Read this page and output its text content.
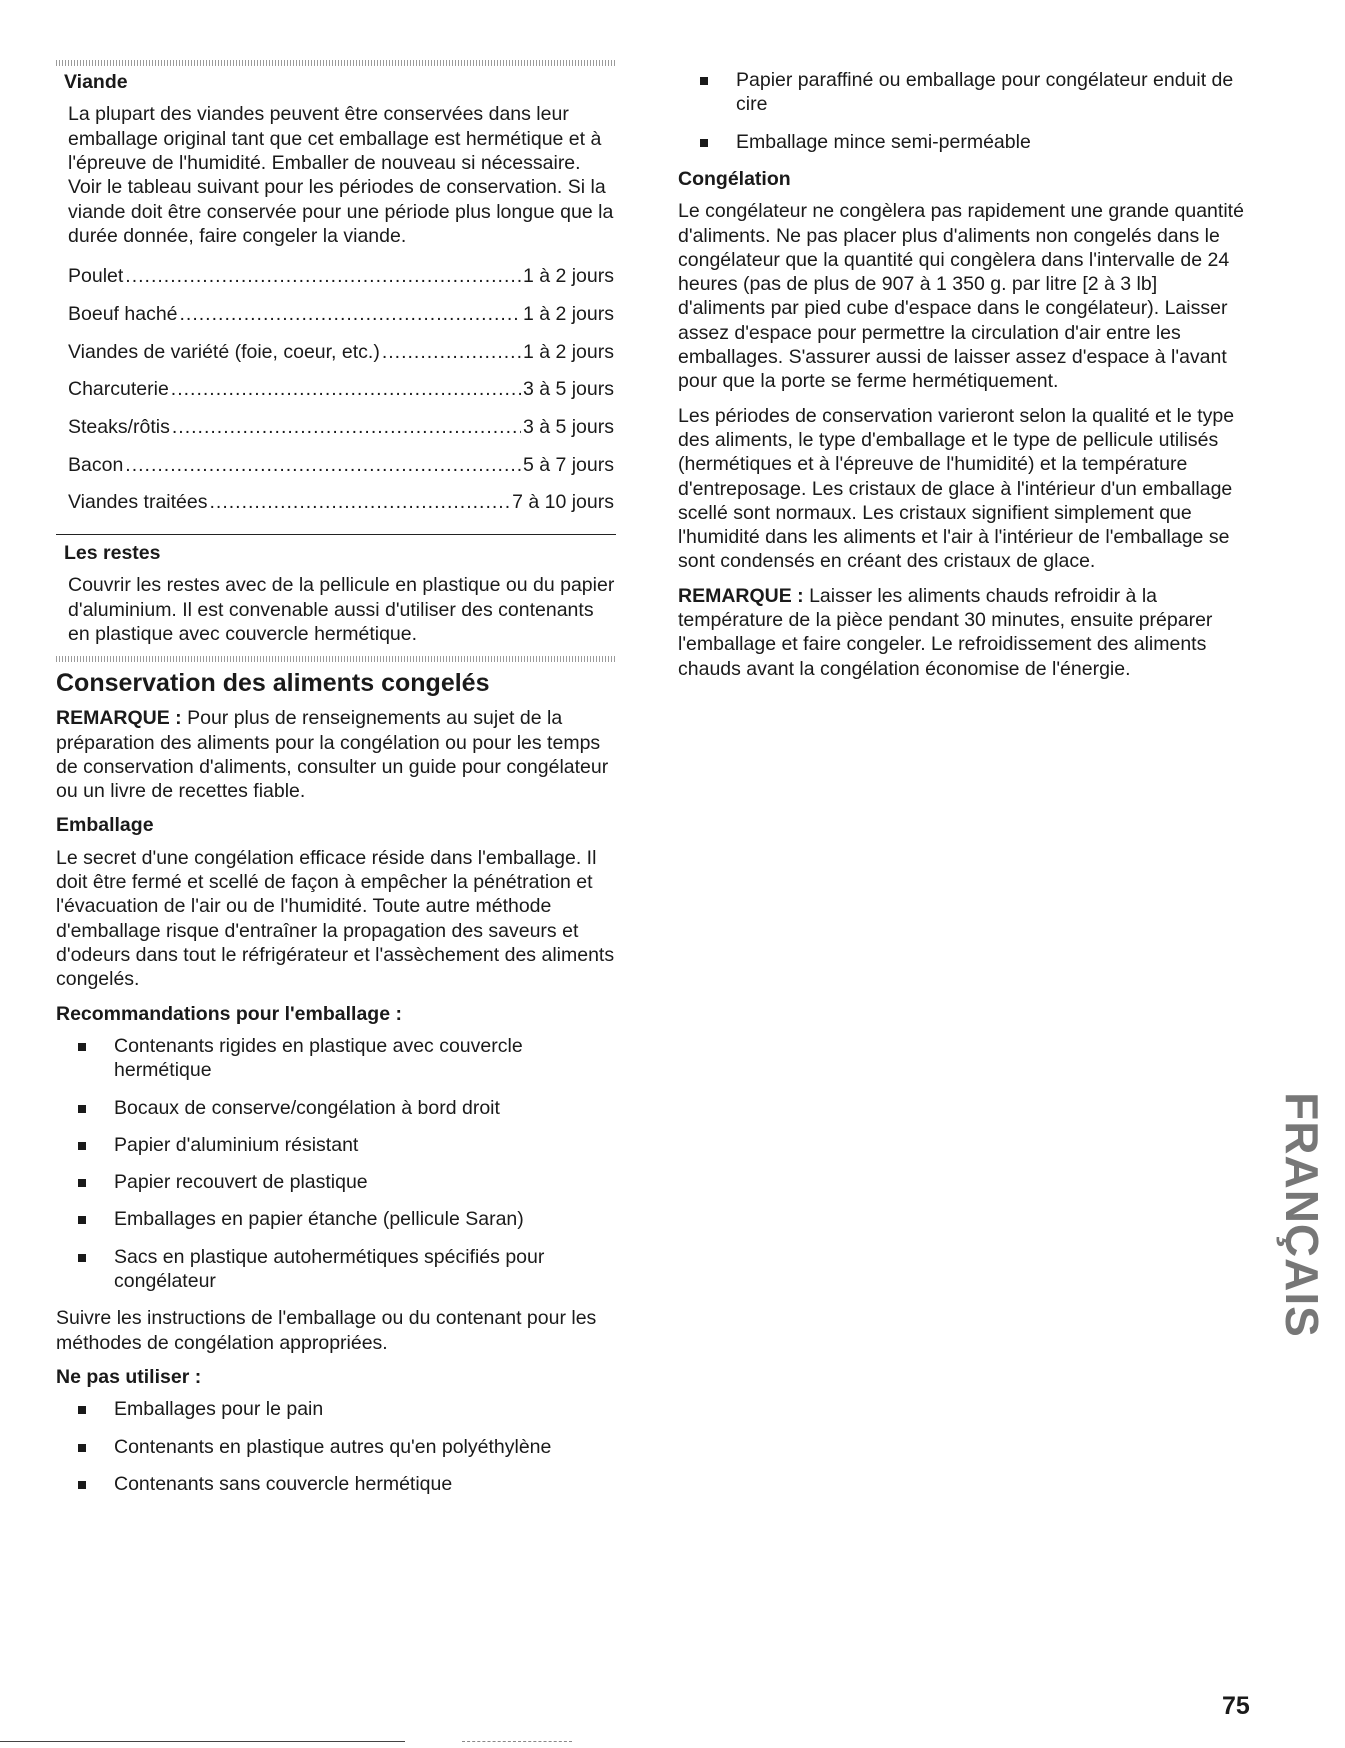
Viande

La plupart des viandes peuvent être conservées dans leur emballage original tant que cet emballage est hermétique et à l'épreuve de l'humidité. Emballer de nouveau si nécessaire. Voir le tableau suivant pour les périodes de conservation. Si la viande doit être conservée pour une période plus longue que la durée donnée, faire congeler la viande.

Poulet .....	1 à 2 jours
Boeuf haché .....	1 à 2 jours
Viandes de variété (foie, coeur, etc.) .....	1 à 2 jours
Charcuterie .....	3 à 5 jours
Steaks/rôtis .....	3 à 5 jours
Bacon .....	5 à 7 jours
Viandes traitées .....	7 à 10 jours
Les restes

Couvrir les restes avec de la pellicule en plastique ou du papier d'aluminium. Il est convenable aussi d'utiliser des contenants en plastique avec couvercle hermétique.

Conservation des aliments congelés

REMARQUE : Pour plus de renseignements au sujet de la préparation des aliments pour la congélation ou pour les temps de conservation d'aliments, consulter un guide pour congélateur ou un livre de recettes fiable.

Emballage

Le secret d'une congélation efficace réside dans l'emballage. Il doit être fermé et scellé de façon à empêcher la pénétration et l'évacuation de l'air ou de l'humidité. Toute autre méthode d'emballage risque d'entraîner la propagation des saveurs et d'odeurs dans tout le réfrigérateur et l'assèchement des aliments congelés.

Recommandations pour l'emballage :
Contenants rigides en plastique avec couvercle hermétique
Bocaux de conserve/congélation à bord droit
Papier d'aluminium résistant
Papier recouvert de plastique
Emballages en papier étanche (pellicule Saran)
Sacs en plastique autohermétiques spécifiés pour congélateur

Suivre les instructions de l'emballage ou du contenant pour les méthodes de congélation appropriées.

Ne pas utiliser :
Emballages pour le pain
Contenants en plastique autres qu'en polyéthylène
Contenants sans couvercle hermétique
Papier paraffiné ou emballage pour congélateur enduit de cire
Emballage mince semi-perméable
Congélation

Le congélateur ne congèlera pas rapidement une grande quantité d'aliments. Ne pas placer plus d'aliments non congelés dans le congélateur que la quantité qui congèlera dans l'intervalle de 24 heures (pas de plus de 907 à 1 350 g. par litre [2 à 3 lb] d'aliments par pied cube d'espace dans le congélateur). Laisser assez d'espace pour permettre la circulation d'air entre les emballages. S'assurer aussi de laisser assez d'espace à l'avant pour que la porte se ferme hermétiquement.

Les périodes de conservation varieront selon la qualité et le type des aliments, le type d'emballage et le type de pellicule utilisés (hermétiques et à l'épreuve de l'humidité) et la température d'entreposage. Les cristaux de glace à l'intérieur d'un emballage scellé sont normaux. Les cristaux signifient simplement que l'humidité dans les aliments et l'air à l'intérieur de l'emballage se sont condensés en créant des cristaux de glace.

REMARQUE : Laisser les aliments chauds refroidir à la température de la pièce pendant 30 minutes, ensuite préparer l'emballage et faire congeler. Le refroidissement des aliments chauds avant la congélation économise de l'énergie.

FRANÇAIS
75
